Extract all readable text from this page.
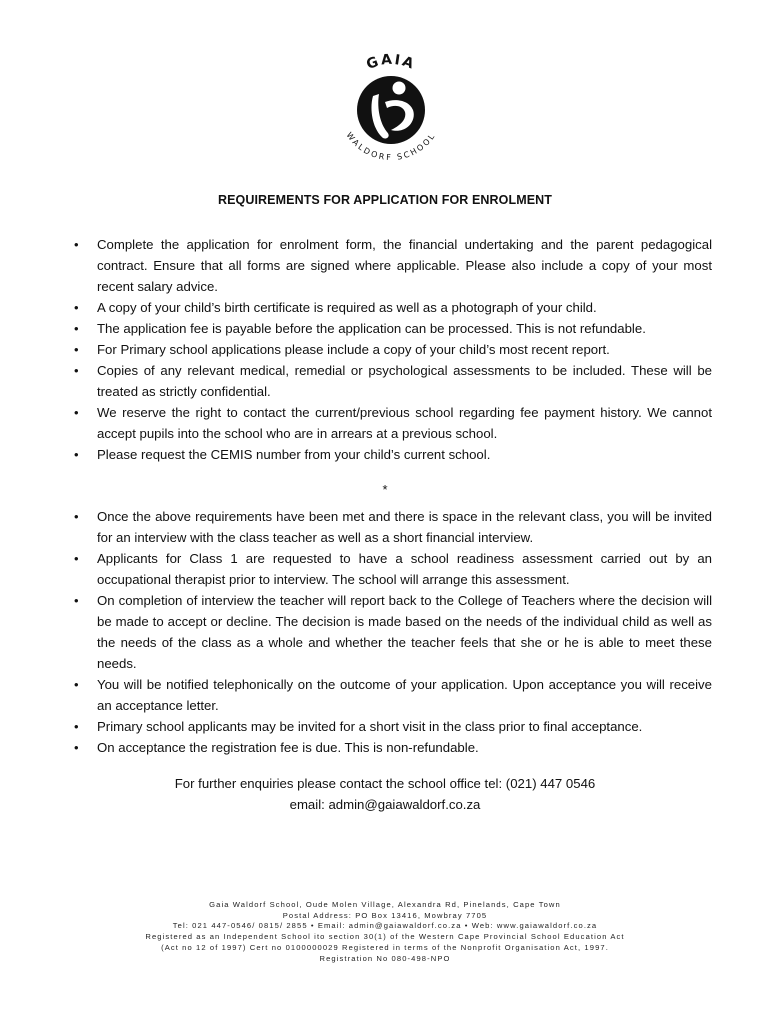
GAIA
WALDORF SCHOOL
REQUIREMENTS FOR APPLICATION FOR ENROLMENT
• Complete the application for enrolment form, the financial undertaking and the parent pedagogical contract. Ensure that all forms are signed where applicable. Please also include a copy of your most recent salary advice.
• A copy of your child’s birth certificate is required as well as a photograph of your child.
• The application fee is payable before the application can be processed. This is not refundable.
• For Primary school applications please include a copy of your child’s most recent report.
• Copies of any relevant medical, remedial or psychological assessments to be included. These will be treated as strictly confidential.
• We reserve the right to contact the current/previous school regarding fee payment history. We cannot accept pupils into the school who are in arrears at a previous school.
• Please request the CEMIS number from your child’s current school.
*
• Once the above requirements have been met and there is space in the relevant class, you will be invited for an interview with the class teacher as well as a short financial interview.
• Applicants for Class 1 are requested to have a school readiness assessment carried out by an occupational therapist prior to interview. The school will arrange this assessment.
• On completion of interview the teacher will report back to the College of Teachers where the decision will be made to accept or decline. The decision is made based on the needs of the individual child as well as the needs of the class as a whole and whether the teacher feels that she or he is able to meet these needs.
• You will be notified telephonically on the outcome of your application. Upon acceptance you will receive an acceptance letter.
• Primary school applicants may be invited for a short visit in the class prior to final acceptance.
• On acceptance the registration fee is due. This is non-refundable.
For further enquiries please contact the school office tel: (021) 447 0546
email: admin@gaiawaldorf.co.za
Gaia Waldorf School, Oude Molen Village, Alexandra Rd, Pinelands, Cape Town
Postal Address: PO Box 13416, Mowbray 7705
Tel: 021 447-0546/ 0815/ 2855 • Email: admin@gaiawaldorf.co.za • Web: www.gaiawaldorf.co.za
Registered as an Independent School ito section 30(1) of the Western Cape Provincial School Education Act
(Act no 12 of 1997) Cert no 0100000029 Registered in terms of the Nonprofit Organisation Act, 1997.
Registration No 080-498-NPO
